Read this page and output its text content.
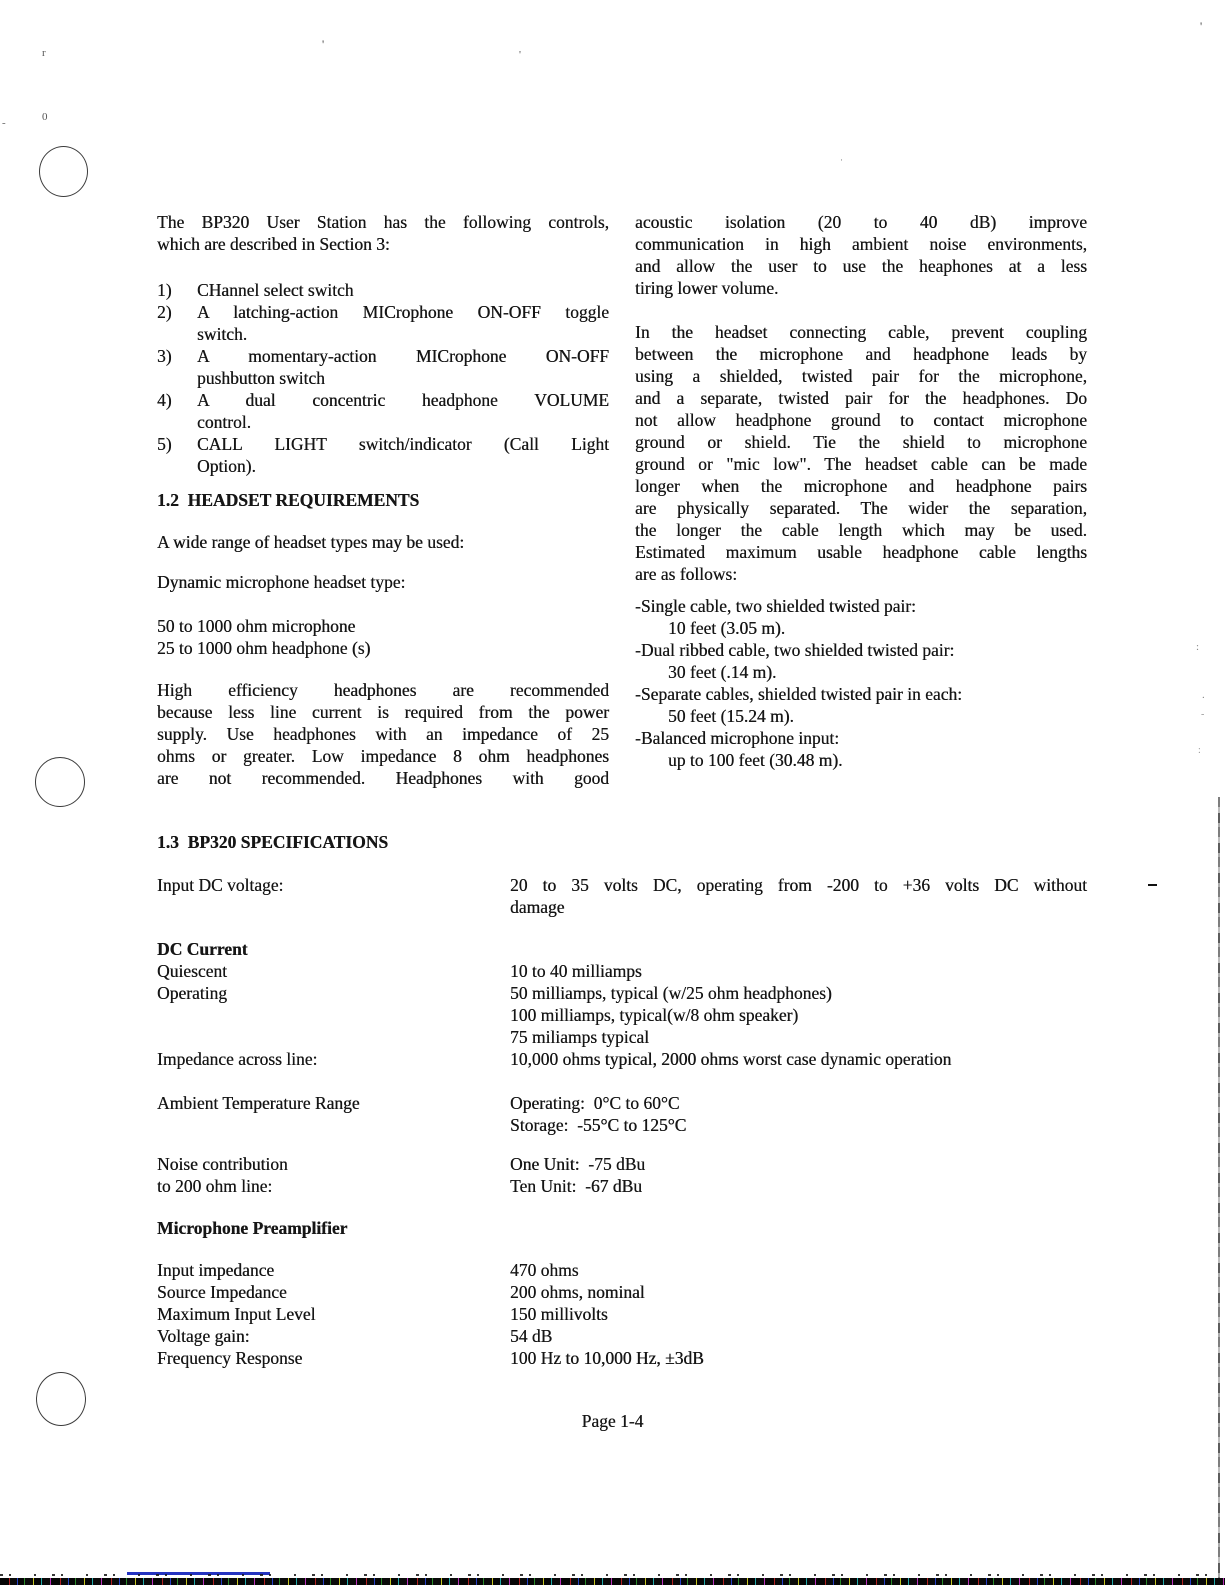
The BP320 User Station has the following controls,
which are described in Section 3:
1)	CHannel select switch
2)	A latching-action MICrophone ON-OFF toggle
switch.
3)	A momentary-action MICrophone ON-OFF
pushbutton switch
4)	A dual concentric headphone VOLUME
control.
5)	CALL LIGHT switch/indicator (Call Light
Option).
1.2  HEADSET REQUIREMENTS
A wide range of headset types may be used:
Dynamic microphone headset type:
50 to 1000 ohm microphone
25 to 1000 ohm headphone (s)
High efficiency headphones are recommended
because less line current is required from the power
supply. Use headphones with an impedance of 25
ohms or greater. Low impedance 8 ohm headphones
are not recommended. Headphones with good
acoustic isolation (20 to 40 dB) improve
communication in high ambient noise environments,
and allow the user to use the heaphones at a less
tiring lower volume.
In the headset connecting cable, prevent coupling
between the microphone and headphone leads by
using a shielded, twisted pair for the microphone,
and a separate, twisted pair for the headphones. Do
not allow headphone ground to contact microphone
ground or shield. Tie the shield to microphone
ground or "mic low". The headset cable can be made
longer when the microphone and headphone pairs
are physically separated. The wider the separation,
the longer the cable length which may be used.
Estimated maximum usable headphone cable lengths
are as follows:
-Single cable, two shielded twisted pair:
10 feet (3.05 m).
-Dual ribbed cable, two shielded twisted pair:
30 feet (.14 m).
-Separate cables, shielded twisted pair in each:
50 feet (15.24 m).
-Balanced microphone input:
up to 100 feet (30.48 m).
1.3  BP320 SPECIFICATIONS
Input DC voltage:	20 to 35 volts DC, operating from -200 to +36 volts DC without
damage
DC Current
Quiescent	10 to 40 milliamps
Operating	50 milliamps, typical (w/25 ohm headphones)
100 milliamps, typical(w/8 ohm speaker)
75 miliamps typical
Impedance across line:	10,000 ohms typical, 2000 ohms worst case dynamic operation
Ambient Temperature Range	Operating:  0°C to 60°C
Storage:  -55°C to 125°C
Noise contribution	One Unit:  -75 dBu
to 200 ohm line:	Ten Unit:  -67 dBu
Microphone Preamplifier
Input impedance	470 ohms
Source Impedance	200 ohms, nominal
Maximum Input Level	150 millivolts
Voltage gain:	54 dB
Frequency Response	100 Hz to 10,000 Hz, ±3dB
Page 1-4
'
r	'
'
0
-
·
:
.
-
:
